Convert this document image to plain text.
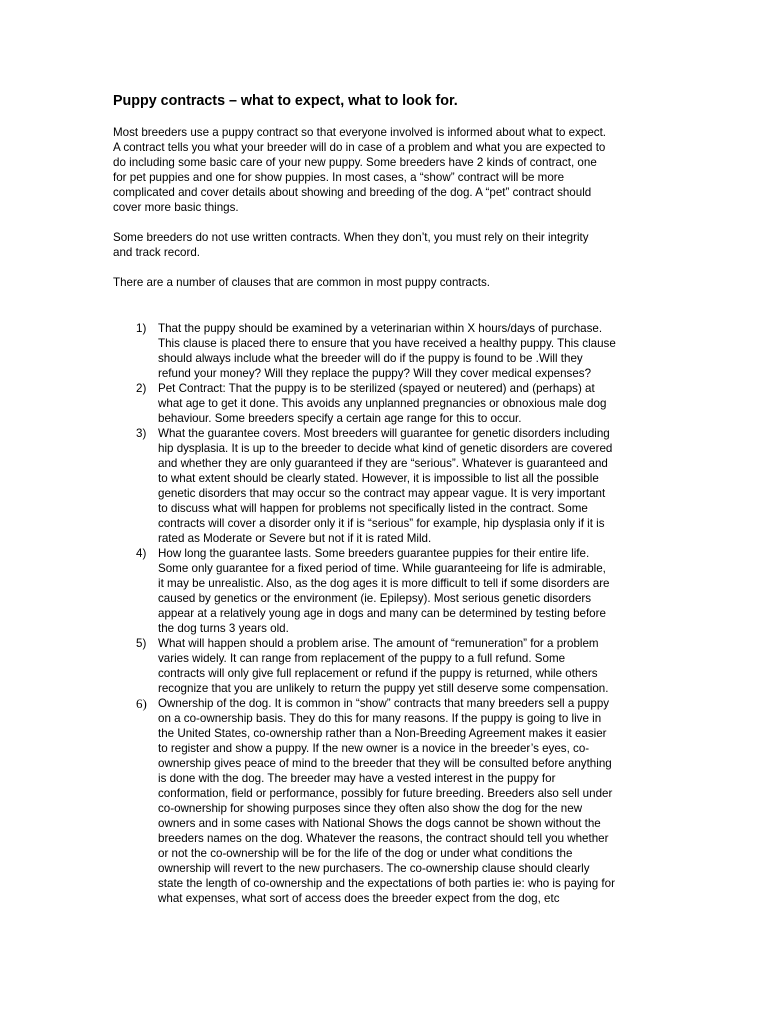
Puppy contracts – what to expect, what to look for.

Most breeders use a puppy contract so that everyone involved is informed about what to expect.
A contract tells you what your breeder will do in case of a problem and what you are expected to
do including some basic care of your new puppy. Some breeders have 2 kinds of contract, one
for pet puppies and one for show puppies. In most cases, a “show” contract will be more
complicated and cover details about showing and breeding of the dog. A “pet” contract should
cover more basic things.

Some breeders do not use written contracts. When they don’t, you must rely on their integrity
and track record.

There are a number of clauses that are common in most puppy contracts.

1) That the puppy should be examined by a veterinarian within X hours/days of purchase.
This clause is placed there to ensure that you have received a healthy puppy. This clause
should always include what the breeder will do if the puppy is found to be .Will they
refund your money? Will they replace the puppy? Will they cover medical expenses?

2) Pet Contract: That the puppy is to be sterilized (spayed or neutered) and (perhaps) at
what age to get it done. This avoids any unplanned pregnancies or obnoxious male dog
behaviour. Some breeders specify a certain age range for this to occur.

3) What the guarantee covers. Most breeders will guarantee for genetic disorders including
hip dysplasia. It is up to the breeder to decide what kind of genetic disorders are covered
and whether they are only guaranteed if they are “serious”. Whatever is guaranteed and
to what extent should be clearly stated. However, it is impossible to list all the possible
genetic disorders that may occur so the contract may appear vague. It is very important
to discuss what will happen for problems not specifically listed in the contract. Some
contracts will cover a disorder only it if is “serious” for example, hip dysplasia only if it is
rated as Moderate or Severe but not if it is rated Mild.

4) How long the guarantee lasts. Some breeders guarantee puppies for their entire life.
Some only guarantee for a fixed period of time. While guaranteeing for life is admirable,
it may be unrealistic. Also, as the dog ages it is more difficult to tell if some disorders are
caused by genetics or the environment (ie. Epilepsy). Most serious genetic disorders
appear at a relatively young age in dogs and many can be determined by testing before
the dog turns 3 years old.

5) What will happen should a problem arise. The amount of “remuneration” for a problem
varies widely. It can range from replacement of the puppy to a full refund. Some
contracts will only give full replacement or refund if the puppy is returned, while others
recognize that you are unlikely to return the puppy yet still deserve some compensation.

6) Ownership of the dog. It is common in “show” contracts that many breeders sell a puppy
on a co-ownership basis. They do this for many reasons. If the puppy is going to live in
the United States, co-ownership rather than a Non-Breeding Agreement makes it easier
to register and show a puppy. If the new owner is a novice in the breeder’s eyes, co-
ownership gives peace of mind to the breeder that they will be consulted before anything
is done with the dog. The breeder may have a vested interest in the puppy for
conformation, field or performance, possibly for future breeding. Breeders also sell under
co-ownership for showing purposes since they often also show the dog for the new
owners and in some cases with National Shows the dogs cannot be shown without the
breeders names on the dog. Whatever the reasons, the contract should tell you whether
or not the co-ownership will be for the life of the dog or under what conditions the
ownership will revert to the new purchasers. The co-ownership clause should clearly
state the length of co-ownership and the expectations of both parties ie: who is paying for
what expenses, what sort of access does the breeder expect from the dog, etc
